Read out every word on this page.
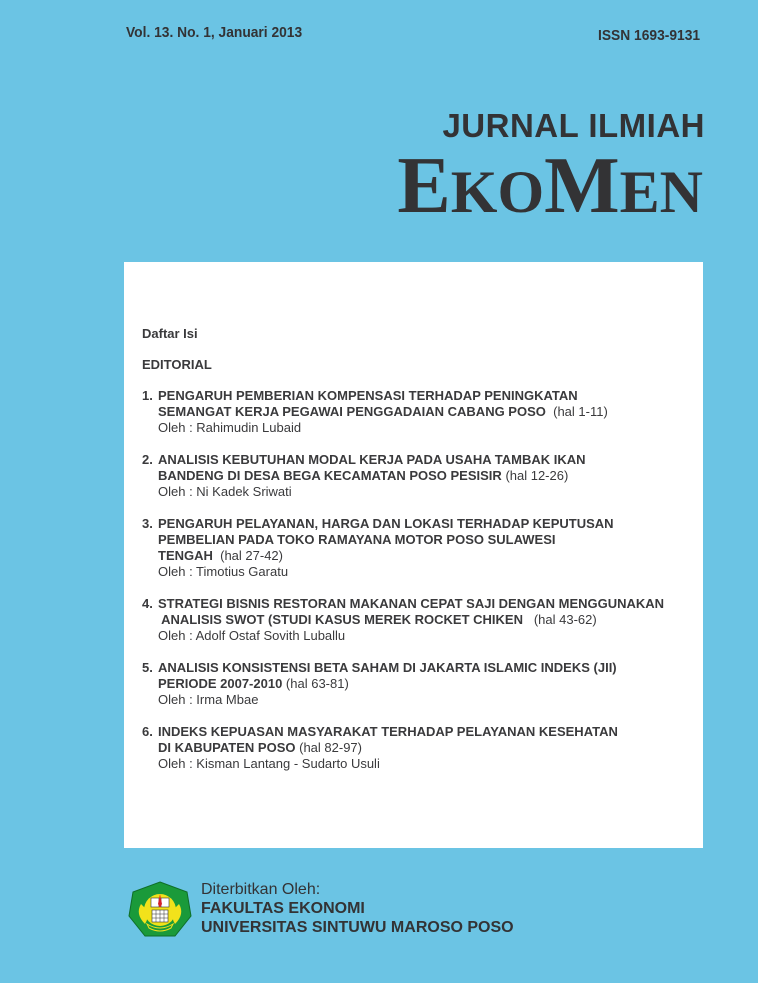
Vol. 13. No. 1, Januari 2013	ISSN 1693-9131
JURNAL ILMIAH
EKOMEN
Daftar Isi
EDITORIAL
1. PENGARUH PEMBERIAN KOMPENSASI TERHADAP PENINGKATAN
SEMANGAT KERJA PEGAWAI PENGGADAIAN CABANG POSO (hal 1-11)
Oleh : Rahimudin Lubaid
2. ANALISIS KEBUTUHAN MODAL KERJA PADA USAHA TAMBAK IKAN
BANDENG DI DESA BEGA KECAMATAN POSO PESISIR (hal 12-26)
Oleh : Ni Kadek Sriwati
3. PENGARUH PELAYANAN, HARGA DAN LOKASI TERHADAP KEPUTUSAN
PEMBELIAN PADA TOKO RAMAYANA MOTOR POSO SULAWESI
TENGAH (hal 27-42)
Oleh : Timotius Garatu
4. STRATEGI BISNIS RESTORAN MAKANAN CEPAT SAJI DENGAN MENGGUNAKAN
ANALISIS SWOT (STUDI KASUS MEREK ROCKET CHIKEN (hal 43-62)
Oleh : Adolf Ostaf Sovith Luballu
5. ANALISIS KONSISTENSI BETA SAHAM DI JAKARTA ISLAMIC INDEKS (JII)
PERIODE 2007-2010 (hal 63-81)
Oleh : Irma Mbae
6. INDEKS KEPUASAN MASYARAKAT TERHADAP PELAYANAN KESEHATAN
DI KABUPATEN POSO (hal 82-97)
Oleh : Kisman Lantang - Sudarto Usuli
Diterbitkan Oleh:
FAKULTAS EKONOMI
UNIVERSITAS SINTUWU MAROSO POSO
